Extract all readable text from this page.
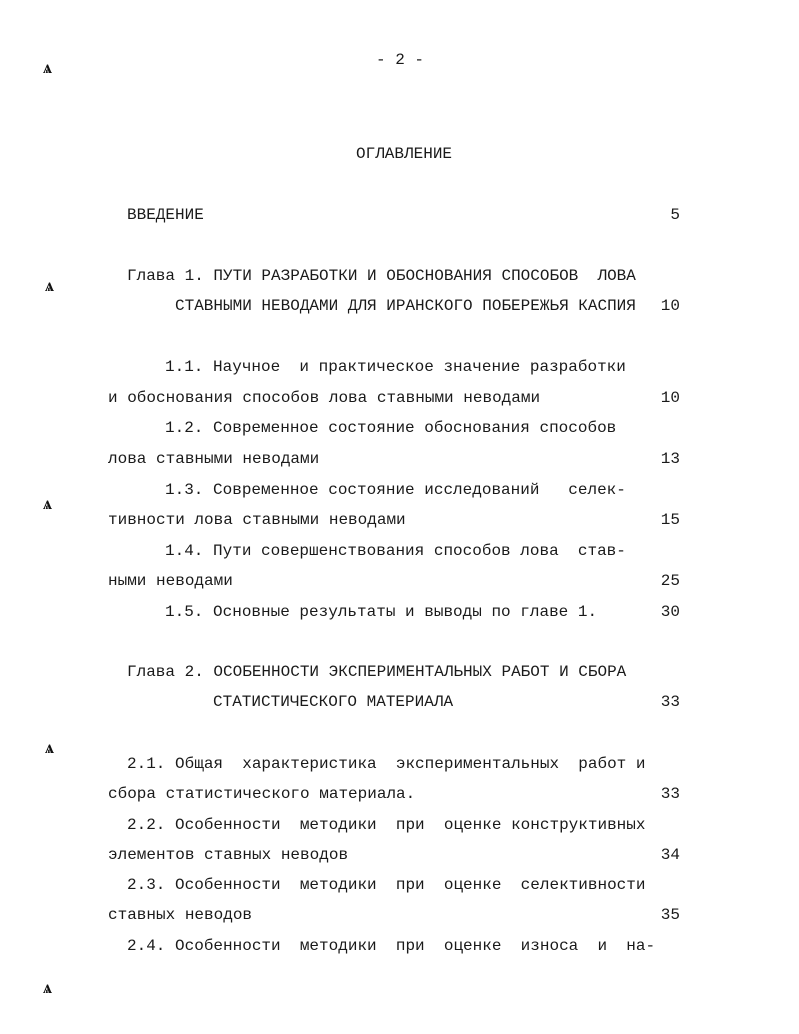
ѧ
ѧ
ѧ
ѧ
ѧ
- 2 -
ОГЛАВЛЕНИЕ
ВВЕДЕНИЕ	5
Глава 1. ПУТИ РАЗРАБОТКИ И ОБОСНОВАНИЯ СПОСОБОВ  ЛОВА
СТАВНЫМИ НЕВОДАМИ ДЛЯ ИРАНСКОГО ПОБЕРЕЖЬЯ КАСПИЯ	10
1.1. Научное  и практическое значение разработки
и обоснования способов лова ставными неводами	10
1.2. Современное состояние обоснования способов
лова ставными неводами	13
1.3. Современное состояние исследований   селек-
тивности лова ставными неводами	15
1.4. Пути совершенствования способов лова  став-
ными неводами	25
1.5. Основные результаты и выводы по главе 1.	30
Глава 2. ОСОБЕННОСТИ ЭКСПЕРИМЕНТАЛЬНЫХ РАБОТ И СБОРА
СТАТИСТИЧЕСКОГО МАТЕРИАЛА	33
2.1. Общая  характеристика  экспериментальных  работ и
сбора статистического материала.	33
2.2. Особенности  методики  при  оценке конструктивных
элементов ставных неводов	34
2.3. Особенности  методики  при  оценке  селективности
ставных неводов	35
2.4. Особенности  методики  при  оценке  износа  и  на-
